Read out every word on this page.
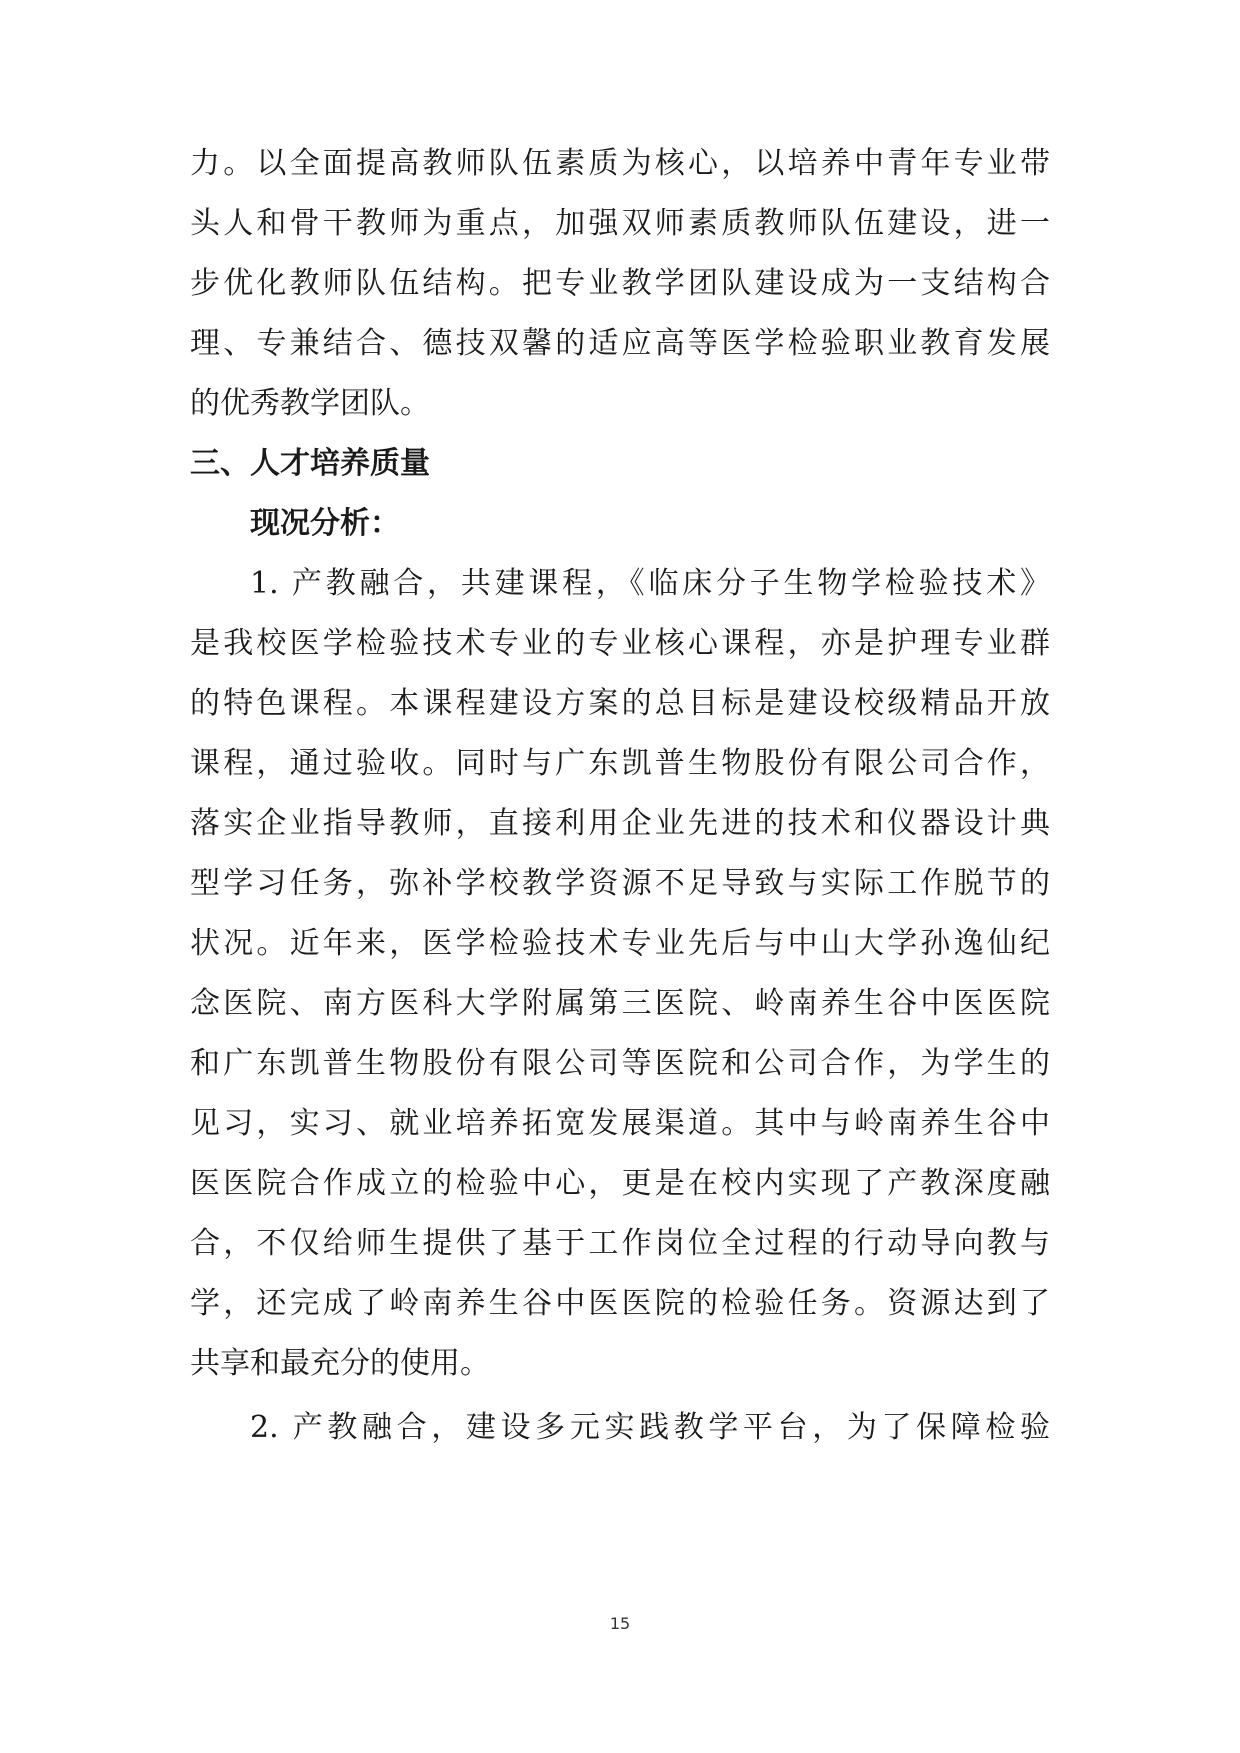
力。以全面提高教师队伍素质为核心，以培养中青年专业带
头人和骨干教师为重点，加强双师素质教师队伍建设，进一
步优化教师队伍结构。把专业教学团队建设成为一支结构合
理、专兼结合、德技双馨的适应高等医学检验职业教育发展
的优秀教学团队。
三、人才培养质量
现况分析：
1. 产教融合，共建课程，《临床分子生物学检验技术》
是我校医学检验技术专业的专业核心课程，亦是护理专业群
的特色课程。本课程建设方案的总目标是建设校级精品开放
课程，通过验收。同时与广东凯普生物股份有限公司合作，
落实企业指导教师，直接利用企业先进的技术和仪器设计典
型学习任务，弥补学校教学资源不足导致与实际工作脱节的
状况。近年来，医学检验技术专业先后与中山大学孙逸仙纪
念医院、南方医科大学附属第三医院、岭南养生谷中医医院
和广东凯普生物股份有限公司等医院和公司合作，为学生的
见习，实习、就业培养拓宽发展渠道。其中与岭南养生谷中
医医院合作成立的检验中心，更是在校内实现了产教深度融
合，不仅给师生提供了基于工作岗位全过程的行动导向教与
学，还完成了岭南养生谷中医医院的检验任务。资源达到了
共享和最充分的使用。
2. 产教融合，建设多元实践教学平台，为了保障检验
15
